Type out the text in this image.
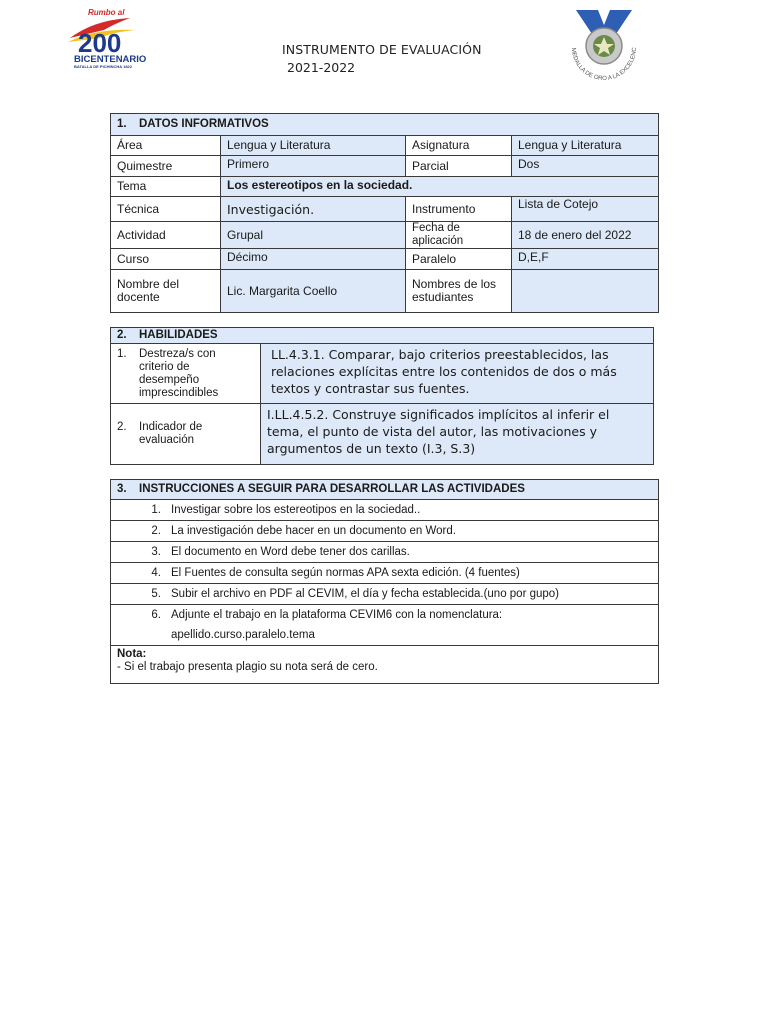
200
Rumbo al
BICENTENARIO
BATALLA DE PICHINCHA 1822
INSTRUMENTO DE EVALUACIÓN
2021-2022
MEDALLA DE ORO A LA EXCELENC
1. DATOS INFORMATIVOS			
Área	Lengua y Literatura	Asignatura	Lengua y Literatura
Quimestre	Primero	Parcial	Dos
Tema	Los estereotipos en la sociedad.		
Técnica	Investigación.	Instrumento	Lista de Cotejo
Actividad	Grupal	Fecha de aplicación	18 de enero del 2022
Curso	Décimo	Paralelo	D,E,F
Nombre del docente	Lic. Margarita Coello	Nombres de los estudiantes	
2. HABILIDADES	
1. Destreza/s con criterio de desempeño imprescindibles	LL.4.3.1. Comparar, bajo criterios preestablecidos, las relaciones explícitas entre los contenidos de dos o más textos y contrastar sus fuentes.
2. Indicador de evaluación	I.LL.4.5.2. Construye significados implícitos al inferir el tema, el punto de vista del autor, las motivaciones y argumentos de un texto (I.3, S.3)
3. INSTRUCCIONES A SEGUIR PARA DESARROLLAR LAS ACTIVIDADES
1. Investigar sobre los estereotipos en la sociedad..
2. La investigación debe hacer en un documento en Word.
3. El documento en Word debe tener dos carillas.
4. El Fuentes de consulta según normas APA sexta edición. (4 fuentes)
5. Subir el archivo en PDF al CEVIM, el día y fecha establecida.(uno por gupo)
6. Adjunte el trabajo en la plataforma CEVIM6 con la nomenclatura:
apellido.curso.paralelo.tema

Nota:
- Si el trabajo presenta plagio su nota será de cero.
